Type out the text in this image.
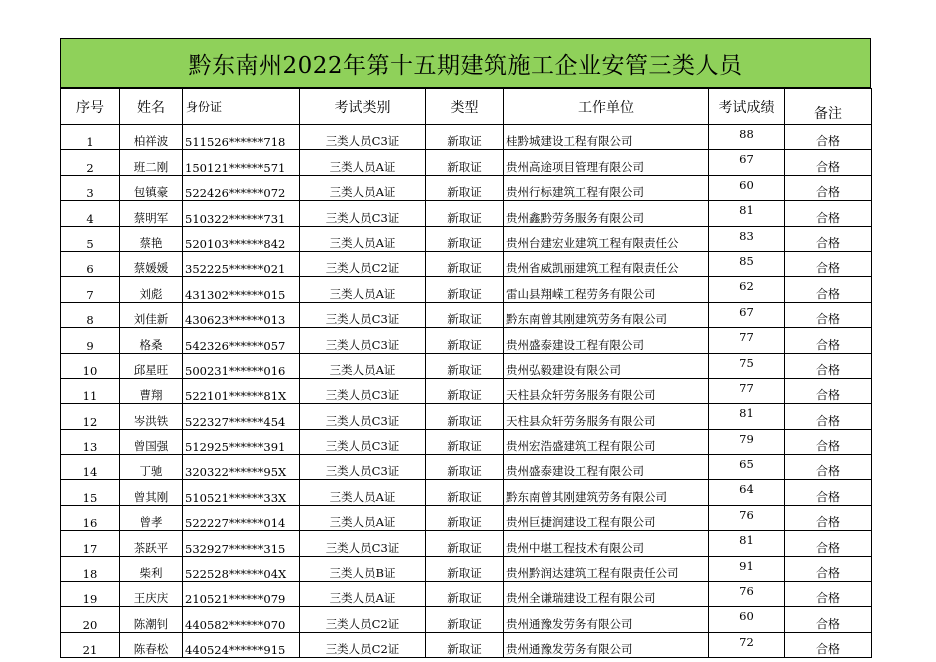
黔东南州2022年第十五期建筑施工企业安管三类人员
序号	姓名	身份证	考试类别	类型	工作单位	考试成绩	备注
1	柏祥波	511526******718	三类人员C3证	新取证	桂黔城建设工程有限公司	88	合格
2	班二刚	150121******571	三类人员A证	新取证	贵州高途项目管理有限公司	67	合格
3	包镇豪	522426******072	三类人员A证	新取证	贵州行标建筑工程有限公司	60	合格
4	蔡明军	510322******731	三类人员C3证	新取证	贵州鑫黔劳务服务有限公司	81	合格
5	蔡艳	520103******842	三类人员A证	新取证	贵州台建宏业建筑工程有限责任公	83	合格
6	蔡媛媛	352225******021	三类人员C2证	新取证	贵州省威凯丽建筑工程有限责任公	85	合格
7	刘彪	431302******015	三类人员A证	新取证	雷山县翔嵘工程劳务有限公司	62	合格
8	刘佳新	430623******013	三类人员C3证	新取证	黔东南曾其刚建筑劳务有限公司	67	合格
9	格桑	542326******057	三类人员C3证	新取证	贵州盛泰建设工程有限公司	77	合格
10	邱星旺	500231******016	三类人员A证	新取证	贵州弘毅建设有限公司	75	合格
11	曹翔	522101******81X	三类人员C3证	新取证	天柱县众轩劳务服务有限公司	77	合格
12	岑洪铁	522327******454	三类人员C3证	新取证	天柱县众轩劳务服务有限公司	81	合格
13	曾国强	512925******391	三类人员C3证	新取证	贵州宏浩盛建筑工程有限公司	79	合格
14	丁驰	320322******95X	三类人员C3证	新取证	贵州盛泰建设工程有限公司	65	合格
15	曾其刚	510521******33X	三类人员A证	新取证	黔东南曾其刚建筑劳务有限公司	64	合格
16	曾孝	522227******014	三类人员A证	新取证	贵州巨捷润建设工程有限公司	76	合格
17	茶跃平	532927******315	三类人员C3证	新取证	贵州中堪工程技术有限公司	81	合格
18	柴利	522528******04X	三类人员B证	新取证	贵州黔润达建筑工程有限责任公司	91	合格
19	王庆庆	210521******079	三类人员A证	新取证	贵州全谦瑞建设工程有限公司	76	合格
20	陈潮钊	440582******070	三类人员C2证	新取证	贵州通豫发劳务有限公司	60	合格
21	陈春松	440524******915	三类人员C2证	新取证	贵州通豫发劳务有限公司	72	合格
